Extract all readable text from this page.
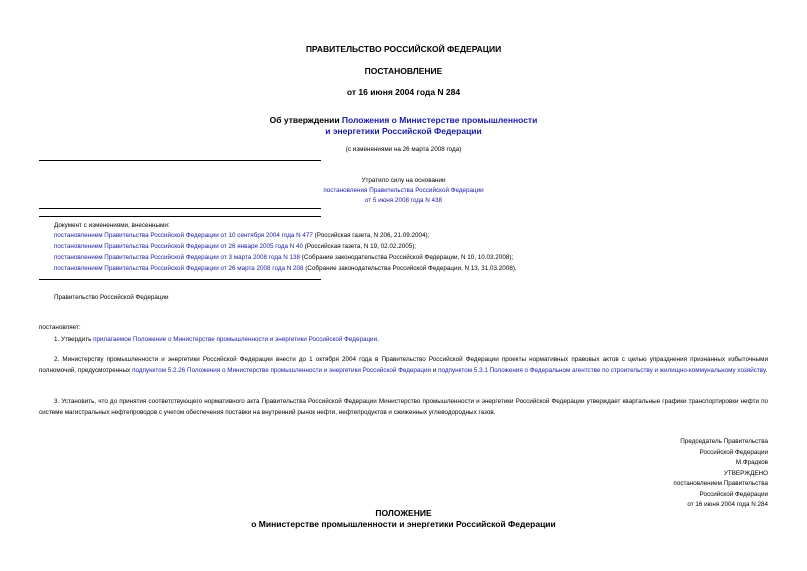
ПРАВИТЕЛЬСТВО РОССИЙСКОЙ ФЕДЕРАЦИИ
ПОСТАНОВЛЕНИЕ
от 16 июня 2004 года N 284
Об утверждении Положения о Министерстве промышленности
и энергетики Российской Федерации
(с изменениями на 26 марта 2008 года)
Утратило силу на основании
постановления Правительства Российской Федерации
от 5 июня 2008 года N 438
Документ с изменениями, внесенными:
постановлением Правительства Российской Федерации от 10 сентября 2004 года N 477 (Российская газета, N 206, 21.09.2004);
постановлением Правительства Российской Федерации от 26 января 2005 года N 40 (Российская газета, N 19, 02.02.2005);
постановлением Правительства Российской Федерации от 3 марта 2008 года N 138 (Собрание законодательства Российской Федерации, N 10, 10.03.2008);
постановлением Правительства Российской Федерации от 26 марта 2008 года N 208 (Собрание законодательства Российской Федерации, N 13, 31.03.2008).
Правительство Российской Федерации
постановляет:
1. Утвердить прилагаемое Положение о Министерстве промышленности и энергетики Российской Федерации.
2. Министерству промышленности и энергетики Российской Федерации внести до 1 октября 2004 года в Правительство Российской Федерации проекты нормативных правовых актов с целью упразднения признанных избыточными полномочий, предусмотренных подпунктом 5.2.26 Положения о Министерстве промышленности и энергетики Российской Федерации и подпунктом 5.3.1 Положения о Федеральном агентстве по строительству и жилищно-коммунальному хозяйству.
3. Установить, что до принятия соответствующего нормативного акта Правительства Российской Федерации Министерство промышленности и энергетики Российской Федерации утверждает квартальные графики транспортировки нефти по системе магистральных нефтепроводов с учетом обеспечения поставки на внутренний рынок нефти, нефтепродуктов и сжиженных углеводородных газов.
Председатель Правительства
Российской Федерации
М.Фрадков
УТВЕРЖДЕНО
постановлением Правительства
Российской Федерации
от 16 июня 2004 года N 284
ПОЛОЖЕНИЕ
о Министерстве промышленности и энергетики Российской Федерации
